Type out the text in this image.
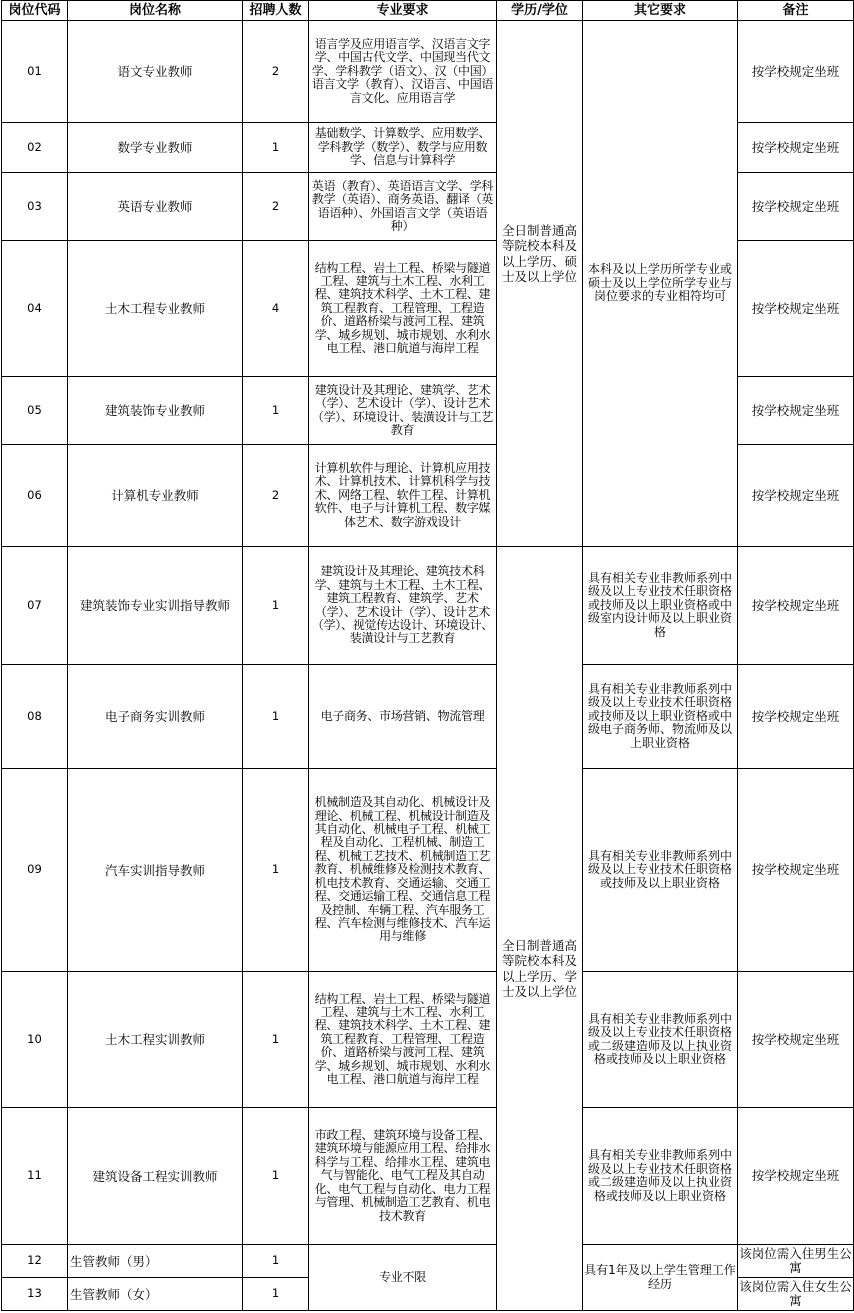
岗位代码	岗位名称	招聘人数	专业要求	学历/学位	其它要求	备注
01	语文专业教师	2	语言学及应用语言学、汉语言文字学、中国古代文学、中国现当代文学、学科教学（语文）、汉（中国）语言文学（教育）、汉语言、中国语言文化、应用语言学	全日制普通高等院校本科及以上学历、硕士及以上学位	本科及以上学历所学专业或硕士及以上学位所学专业与岗位要求的专业相符均可	按学校规定坐班
02	数学专业教师	1	基础数学、计算数学、应用数学、学科教学（数学）、数学与应用数学、信息与计算科学			按学校规定坐班
03	英语专业教师	2	英语（教育）、英语语言文学、学科教学（英语）、商务英语、翻译（英语语种）、外国语言文学（英语语种）			按学校规定坐班
04	土木工程专业教师	4	结构工程、岩土工程、桥梁与隧道工程、建筑与土木工程、水利工程、建筑技术科学、土木工程、建筑工程教育、工程管理、工程造价、道路桥梁与渡河工程、建筑学、城乡规划、城市规划、水利水电工程、港口航道与海岸工程			按学校规定坐班
05	建筑装饰专业教师	1	建筑设计及其理论、建筑学、艺术（学）、艺术设计（学）、设计艺术（学）、环境设计、装潢设计与工艺教育			按学校规定坐班
06	计算机专业教师	2	计算机软件与理论、计算机应用技术、计算机技术、计算机科学与技术、网络工程、软件工程、计算机软件、电子与计算机工程、数字媒体艺术、数字游戏设计			按学校规定坐班
07	建筑装饰专业实训指导教师	1	建筑设计及其理论、建筑技术科学、建筑与土木工程、土木工程、建筑工程教育、建筑学、艺术（学）、艺术设计（学）、设计艺术（学）、视觉传达设计、环境设计、装潢设计与工艺教育	全日制普通高等院校本科及以上学历、学士及以上学位	具有相关专业非教师系列中级及以上专业技术任职资格或技师及以上职业资格或中级室内设计师及以上职业资格	按学校规定坐班
08	电子商务实训教师	1	电子商务、市场营销、物流管理		具有相关专业非教师系列中级及以上专业技术任职资格或技师及以上职业资格或中级电子商务师、物流师及以上职业资格	按学校规定坐班
09	汽车实训指导教师	1	机械制造及其自动化、机械设计及理论、机械工程、机械设计制造及其自动化、机械电子工程、机械工程及自动化、工程机械、制造工程、机械工艺技术、机械制造工艺教育、机械维修及检测技术教育、机电技术教育、交通运输、交通工程、交通运输工程、交通信息工程及控制、车辆工程、汽车服务工程、汽车检测与维修技术、汽车运用与维修		具有相关专业非教师系列中级及以上专业技术任职资格或技师及以上职业资格	按学校规定坐班
10	土木工程实训教师	1	结构工程、岩土工程、桥梁与隧道工程、建筑与土木工程、水利工程、建筑技术科学、土木工程、建筑工程教育、工程管理、工程造价、道路桥梁与渡河工程、建筑学、城乡规划、城市规划、水利水电工程、港口航道与海岸工程		具有相关专业非教师系列中级及以上专业技术任职资格或二级建造师及以上执业资格或技师及以上职业资格	按学校规定坐班
11	建筑设备工程实训教师	1	市政工程、建筑环境与设备工程、建筑环境与能源应用工程、给排水科学与工程、给排水工程、建筑电气与智能化、电气工程及其自动化、电气工程与自动化、电力工程与管理、机械制造工艺教育、机电技术教育		具有相关专业非教师系列中级及以上专业技术任职资格或二级建造师及以上执业资格或技师及以上职业资格	按学校规定坐班
12	生管教师（男）	1	专业不限		具有1年及以上学生管理工作经历	该岗位需入住男生公寓
13	生管教师（女）	1				该岗位需入住女生公寓
